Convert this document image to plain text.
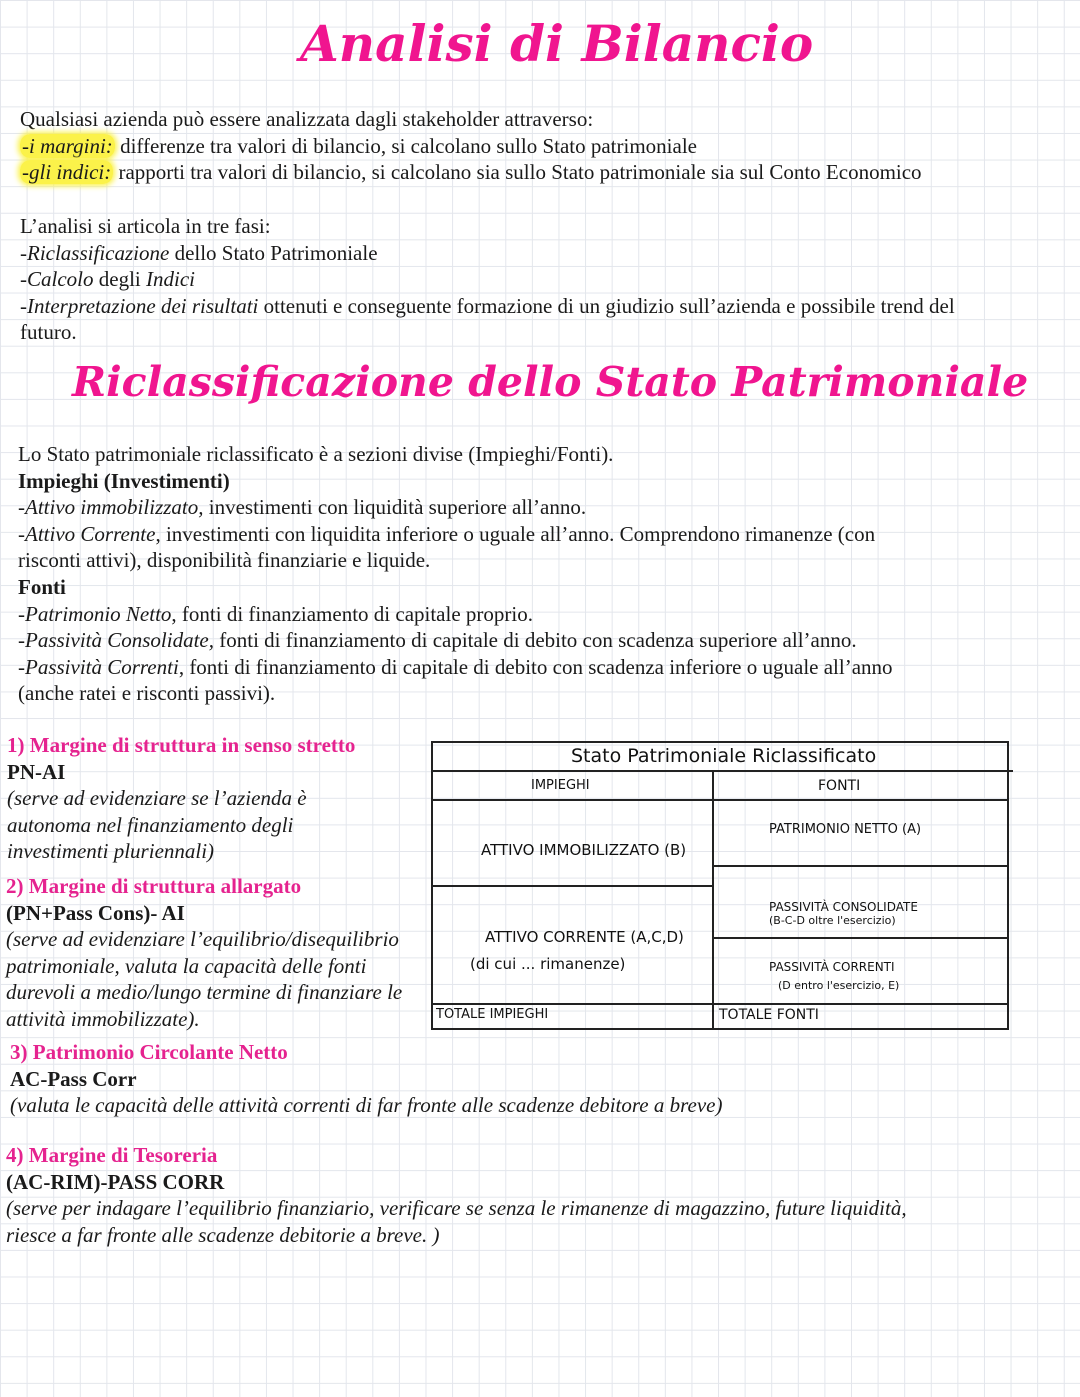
Analisi di Bilancio
Qualsiasi azienda può essere analizzata dagli stakeholder attraverso:
-i margini: differenze tra valori di bilancio, si calcolano sullo Stato patrimoniale
-gli indici: rapporti tra valori di bilancio, si calcolano sia sullo Stato patrimoniale sia sul Conto Economico
L’analisi si articola in tre fasi:
-Riclassificazione dello Stato Patrimoniale
-Calcolo degli Indici
-Interpretazione dei risultati ottenuti e conseguente formazione di un giudizio sull’azienda e possibile trend del
futuro.
Riclassificazione dello Stato Patrimoniale
Lo Stato patrimoniale riclassificato è a sezioni divise (Impieghi/Fonti).
Impieghi (Investimenti)
-Attivo immobilizzato, investimenti con liquidità superiore all’anno.
-Attivo Corrente, investimenti con liquidita inferiore o uguale all’anno. Comprendono rimanenze (con
risconti attivi), disponibilità finanziarie e liquide.
Fonti
-Patrimonio Netto, fonti di finanziamento di capitale proprio.
-Passività Consolidate, fonti di finanziamento di capitale di debito con scadenza superiore all’anno.
-Passività Correnti, fonti di finanziamento di capitale di debito con scadenza inferiore o uguale all’anno
(anche ratei e risconti passivi).
1) Margine di struttura in senso stretto
PN-AI
(serve ad evidenziare se l’azienda è
autonoma nel finanziamento degli
investimenti pluriennali)
2) Margine di struttura allargato
(PN+Pass Cons)- AI
(serve ad evidenziare l’equilibrio/disequilibrio
patrimoniale, valuta la capacità delle fonti
durevoli a medio/lungo termine di finanziare le
attività immobilizzate).
Stato Patrimoniale Riclassificato
IMPIEGHI	FONTI
ATTIVO IMMOBILIZZATO (B)
ATTIVO CORRENTE (A,C,D)
(di cui ... rimanenze)
PATRIMONIO NETTO (A)
PASSIVITÀ CONSOLIDATE
(B-C-D oltre l'esercizio)
PASSIVITÀ CORRENTI
(D entro l'esercizio, E)
TOTALE IMPIEGHI	TOTALE FONTI
3) Patrimonio Circolante Netto
AC-Pass Corr
(valuta le capacità delle attività correnti di far fronte alle scadenze debitore a breve)
4) Margine di Tesoreria
(AC-RIM)-PASS CORR
(serve per indagare l’equilibrio finanziario, verificare se senza le rimanenze di magazzino, future liquidità,
riesce a far fronte alle scadenze debitorie a breve. )
